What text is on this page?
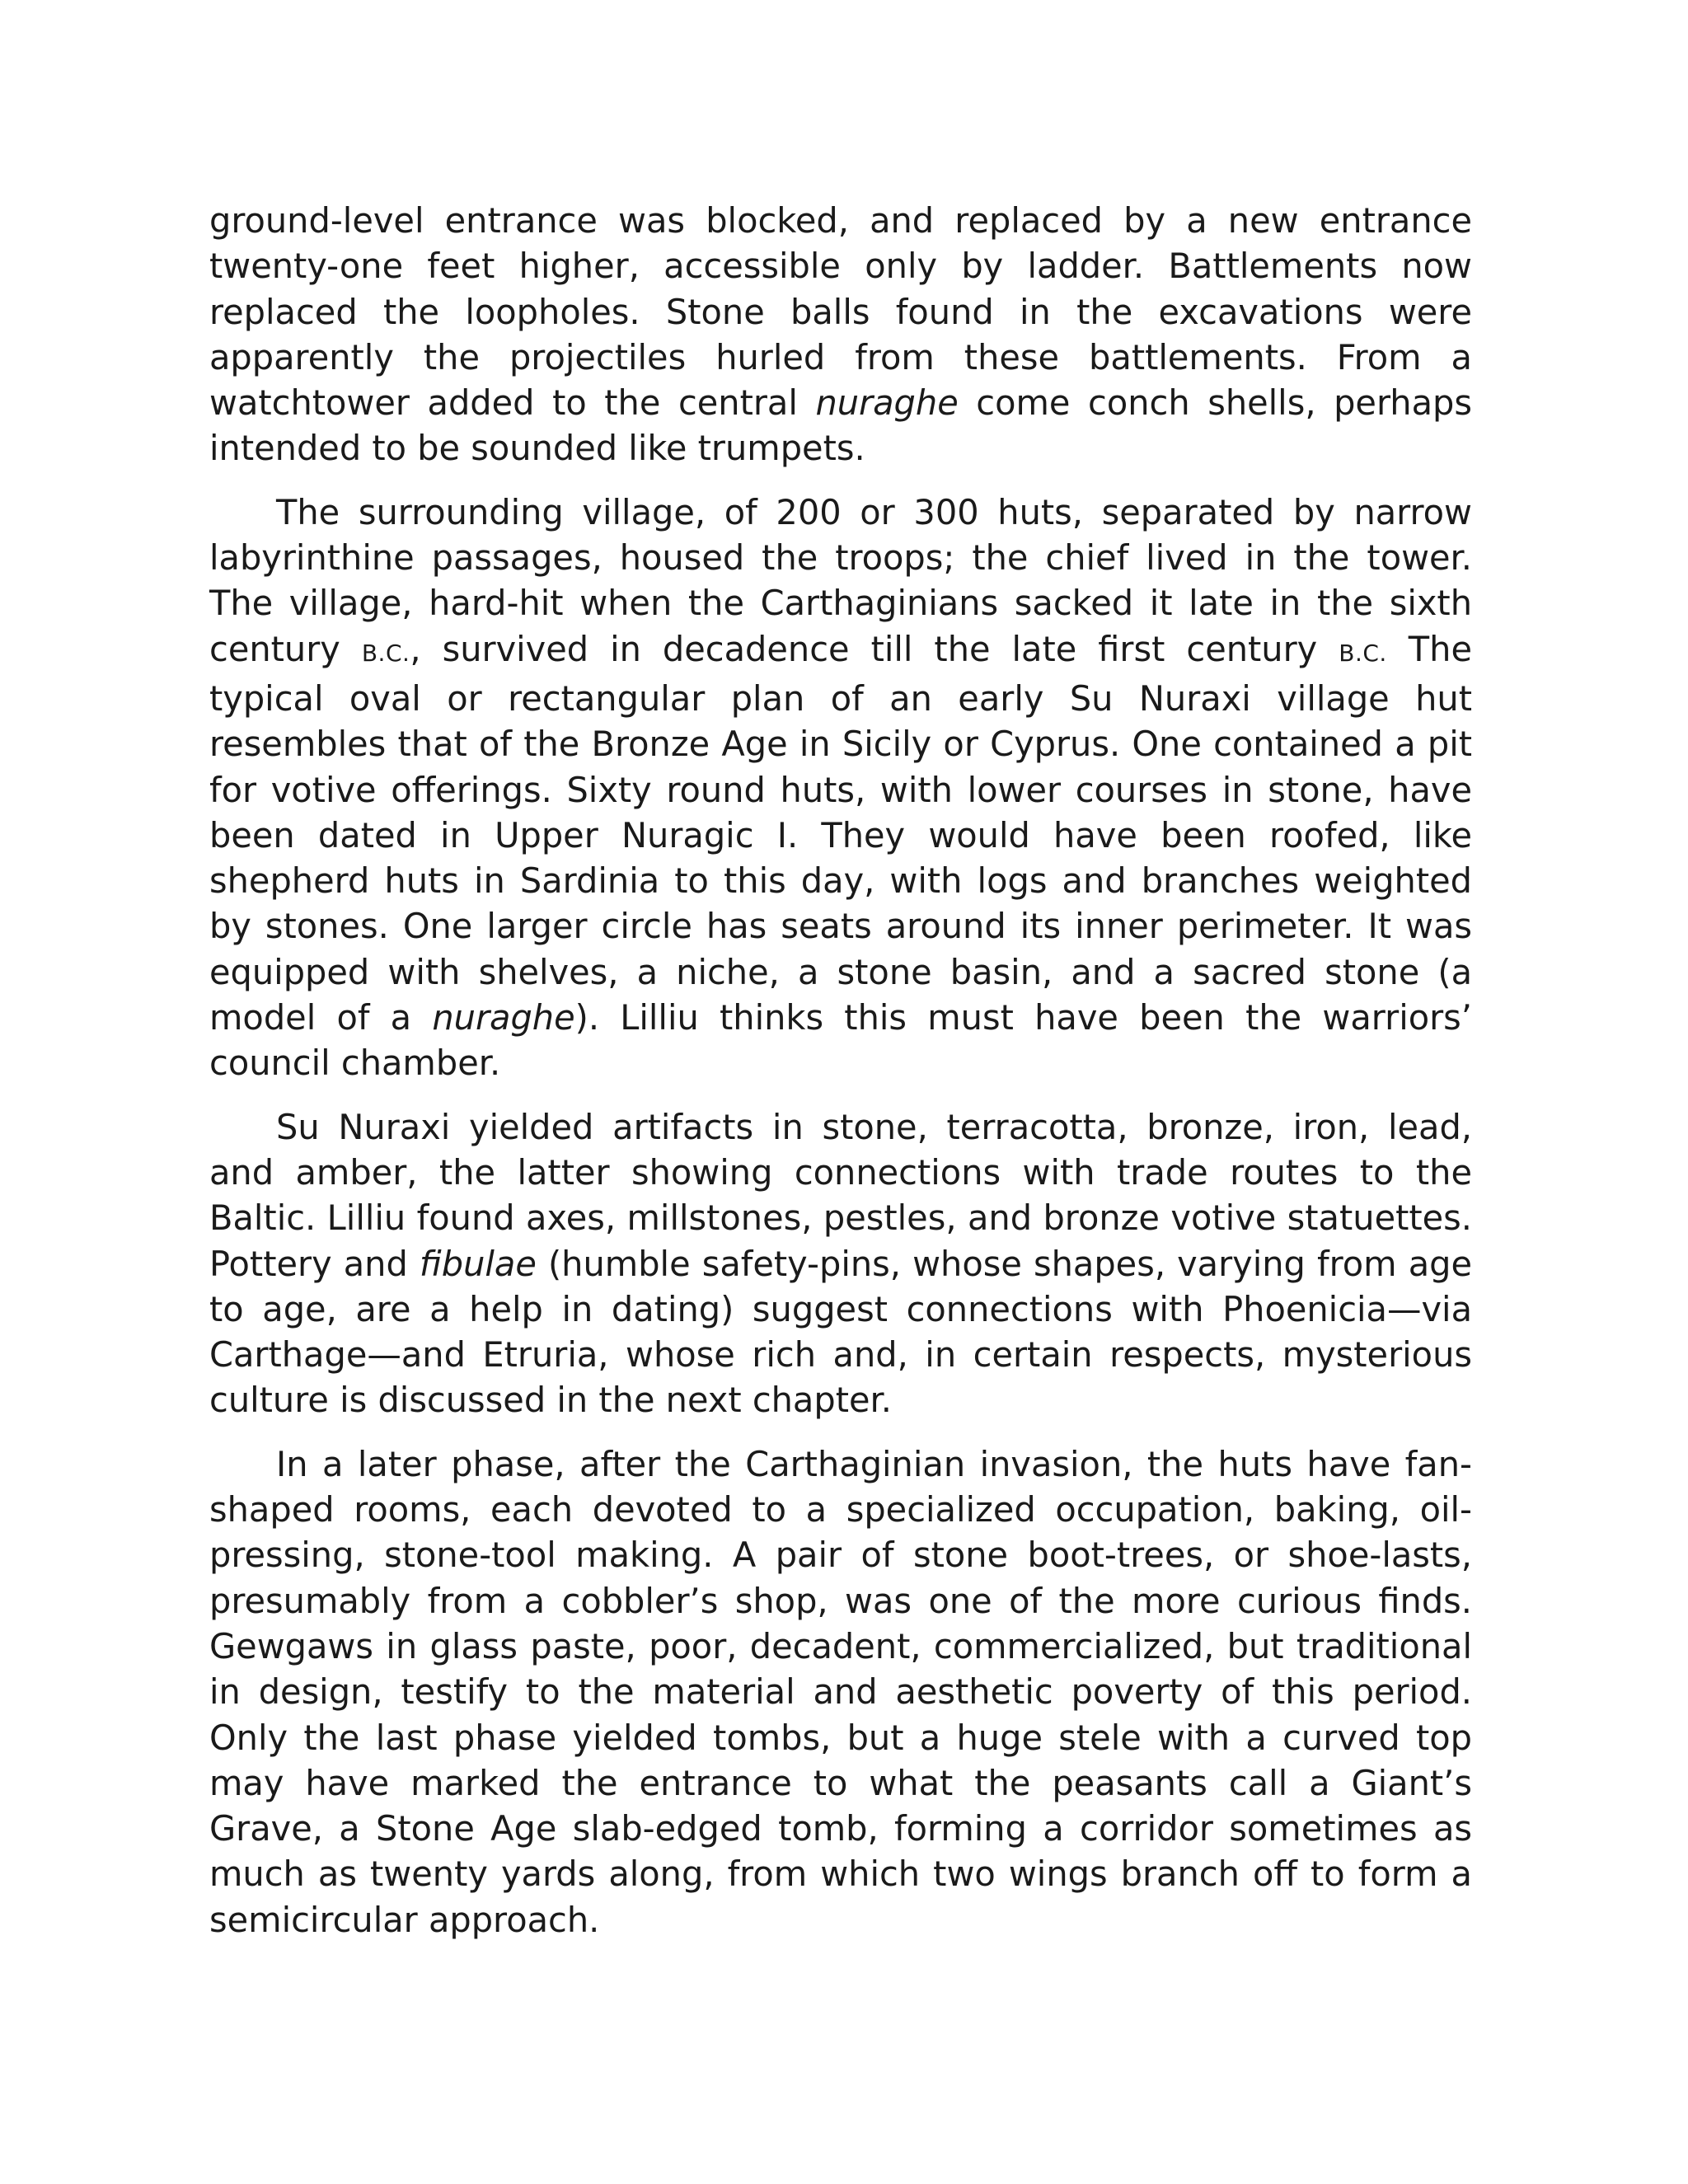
ground-level entrance was blocked, and replaced by a new entrance twenty-one feet higher, accessible only by ladder. Battlements now replaced the loopholes. Stone balls found in the excavations were apparently the projectiles hurled from these battlements. From a watchtower added to the central nuraghe come conch shells, perhaps intended to be sounded like trumpets.

The surrounding village, of 200 or 300 huts, separated by narrow labyrinthine passages, housed the troops; the chief lived in the tower. The village, hard-hit when the Carthaginians sacked it late in the sixth century B.C., survived in decadence till the late first century B.C. The typical oval or rectangular plan of an early Su Nuraxi village hut resembles that of the Bronze Age in Sicily or Cyprus. One contained a pit for votive offerings. Sixty round huts, with lower courses in stone, have been dated in Upper Nuragic I. They would have been roofed, like shepherd huts in Sardinia to this day, with logs and branches weighted by stones. One larger circle has seats around its inner perimeter. It was equipped with shelves, a niche, a stone basin, and a sacred stone (a model of a nuraghe). Lilliu thinks this must have been the warriors’ council chamber.

Su Nuraxi yielded artifacts in stone, terracotta, bronze, iron, lead, and amber, the latter showing connections with trade routes to the Baltic. Lilliu found axes, millstones, pestles, and bronze votive statuettes. Pottery and fibulae (humble safety-pins, whose shapes, varying from age to age, are a help in dating) suggest connections with Phoenicia—via Carthage—and Etruria, whose rich and, in certain respects, mysterious culture is discussed in the next chapter.

In a later phase, after the Carthaginian invasion, the huts have fan-shaped rooms, each devoted to a specialized occupation, baking, oil-pressing, stone-tool making. A pair of stone boot-trees, or shoe-lasts, presumably from a cobbler’s shop, was one of the more curious finds. Gewgaws in glass paste, poor, decadent, commercialized, but traditional in design, testify to the material and aesthetic poverty of this period. Only the last phase yielded tombs, but a huge stele with a curved top may have marked the entrance to what the peasants call a Giant’s Grave, a Stone Age slab-edged tomb, forming a corridor sometimes as much as twenty yards along, from which two wings branch off to form a semicircular approach.
